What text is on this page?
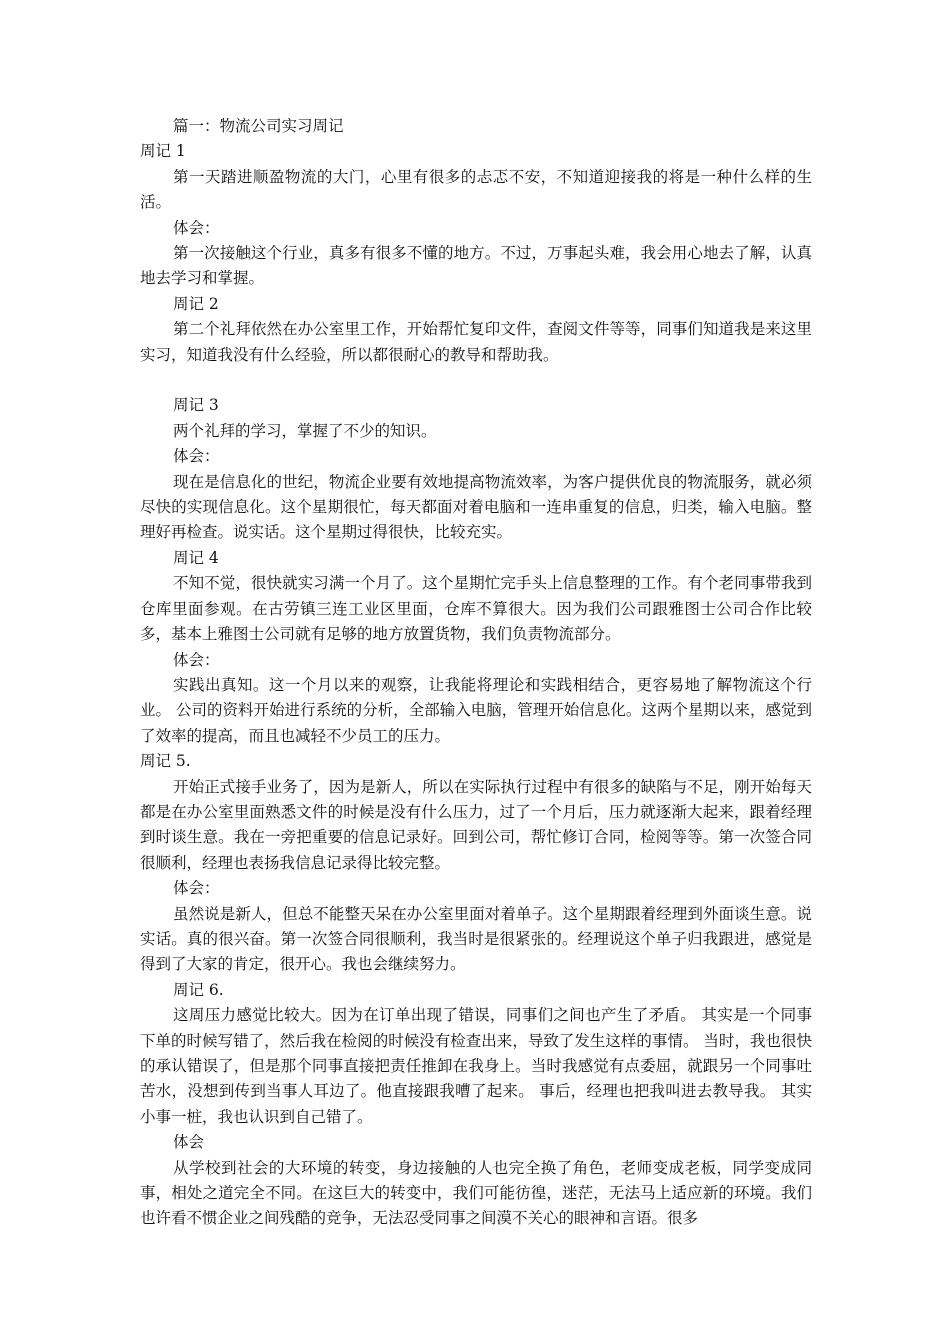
篇一：物流公司实习周记

周记 1

第一天踏进顺盈物流的大门，心里有很多的忐忑不安，不知道迎接我的将是一种什么样的生活。

体会：

第一次接触这个行业，真多有很多不懂的地方。不过，万事起头难，我会用心地去了解，认真地去学习和掌握。

周记 2

第二个礼拜依然在办公室里工作，开始帮忙复印文件，查阅文件等等，同事们知道我是来这里实习，知道我没有什么经验，所以都很耐心的教导和帮助我。

周记 3

两个礼拜的学习，掌握了不少的知识。

体会：

现在是信息化的世纪，物流企业要有效地提高物流效率，为客户提供优良的物流服务，就必须尽快的实现信息化。这个星期很忙，每天都面对着电脑和一连串重复的信息，归类，输入电脑。整理好再检查。说实话。这个星期过得很快，比较充实。

周记 4

不知不觉，很快就实习满一个月了。这个星期忙完手头上信息整理的工作。有个老同事带我到仓库里面参观。在古劳镇三连工业区里面，仓库不算很大。因为我们公司跟雅图士公司合作比较多，基本上雅图士公司就有足够的地方放置货物，我们负责物流部分。

体会：

实践出真知。这一个月以来的观察，让我能将理论和实践相结合，更容易地了解物流这个行业。 公司的资料开始进行系统的分析，全部输入电脑，管理开始信息化。这两个星期以来，感觉到了效率的提高，而且也减轻不少员工的压力。

周记 5.

开始正式接手业务了，因为是新人，所以在实际执行过程中有很多的缺陷与不足，刚开始每天都是在办公室里面熟悉文件的时候是没有什么压力，过了一个月后，压力就逐渐大起来，跟着经理到时谈生意。我在一旁把重要的信息记录好。回到公司，帮忙修订合同，检阅等等。第一次签合同很顺利，经理也表扬我信息记录得比较完整。

体会：

虽然说是新人，但总不能整天呆在办公室里面对着单子。这个星期跟着经理到外面谈生意。说实话。真的很兴奋。第一次签合同很顺利，我当时是很紧张的。经理说这个单子归我跟进，感觉是得到了大家的肯定，很开心。我也会继续努力。

周记 6.

这周压力感觉比较大。因为在订单出现了错误，同事们之间也产生了矛盾。 其实是一个同事下单的时候写错了，然后我在检阅的时候没有检查出来，导致了发生这样的事情。 当时，我也很快的承认错误了，但是那个同事直接把责任推卸在我身上。当时我感觉有点委屈，就跟另一个同事吐苦水，没想到传到当事人耳边了。他直接跟我嘈了起来。 事后，经理也把我叫进去教导我。 其实小事一桩，我也认识到自己错了。

体会

从学校到社会的大环境的转变，身边接触的人也完全换了角色，老师变成老板，同学变成同事，相处之道完全不同。在这巨大的转变中，我们可能彷徨，迷茫，无法马上适应新的环境。我们也许看不惯企业之间残酷的竞争，无法忍受同事之间漠不关心的眼神和言语。很多
